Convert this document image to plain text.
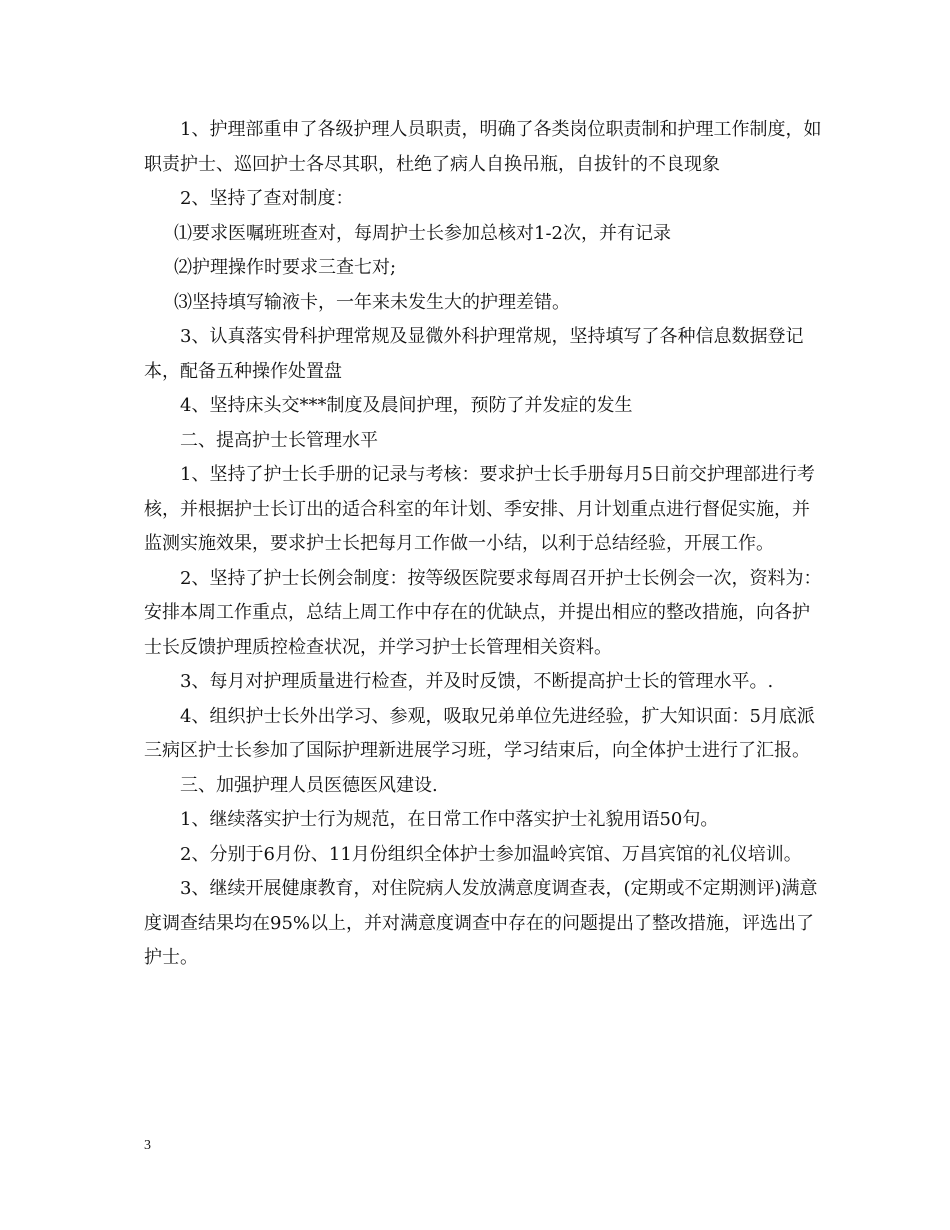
1、护理部重申了各级护理人员职责，明确了各类岗位职责制和护理工作制度，如职责护士、巡回护士各尽其职，杜绝了病人自换吊瓶，自拔针的不良现象

2、坚持了查对制度：

⑴要求医嘱班班查对，每周护士长参加总核对1-2次，并有记录

⑵护理操作时要求三查七对;

⑶坚持填写输液卡，一年来未发生大的护理差错。

3、认真落实骨科护理常规及显微外科护理常规，坚持填写了各种信息数据登记本，配备五种操作处置盘

4、坚持床头交***制度及晨间护理，预防了并发症的发生

二、提高护士长管理水平

1、坚持了护士长手册的记录与考核：要求护士长手册每月5日前交护理部进行考核，并根据护士长订出的适合科室的年计划、季安排、月计划重点进行督促实施，并监测实施效果，要求护士长把每月工作做一小结，以利于总结经验，开展工作。

2、坚持了护士长例会制度：按等级医院要求每周召开护士长例会一次，资料为：安排本周工作重点，总结上周工作中存在的优缺点，并提出相应的整改措施，向各护士长反馈护理质控检查状况，并学习护士长管理相关资料。

3、每月对护理质量进行检查，并及时反馈，不断提高护士长的管理水平。.

4、组织护士长外出学习、参观，吸取兄弟单位先进经验，扩大知识面：5月底派三病区护士长参加了国际护理新进展学习班，学习结束后，向全体护士进行了汇报。

三、加强护理人员医德医风建设.

1、继续落实护士行为规范，在日常工作中落实护士礼貌用语50句。

2、分别于6月份、11月份组织全体护士参加温岭宾馆、万昌宾馆的礼仪培训。

3、继续开展健康教育，对住院病人发放满意度调查表，(定期或不定期测评)满意度调查结果均在95%以上，并对满意度调查中存在的问题提出了整改措施，评选出了护士。

3
